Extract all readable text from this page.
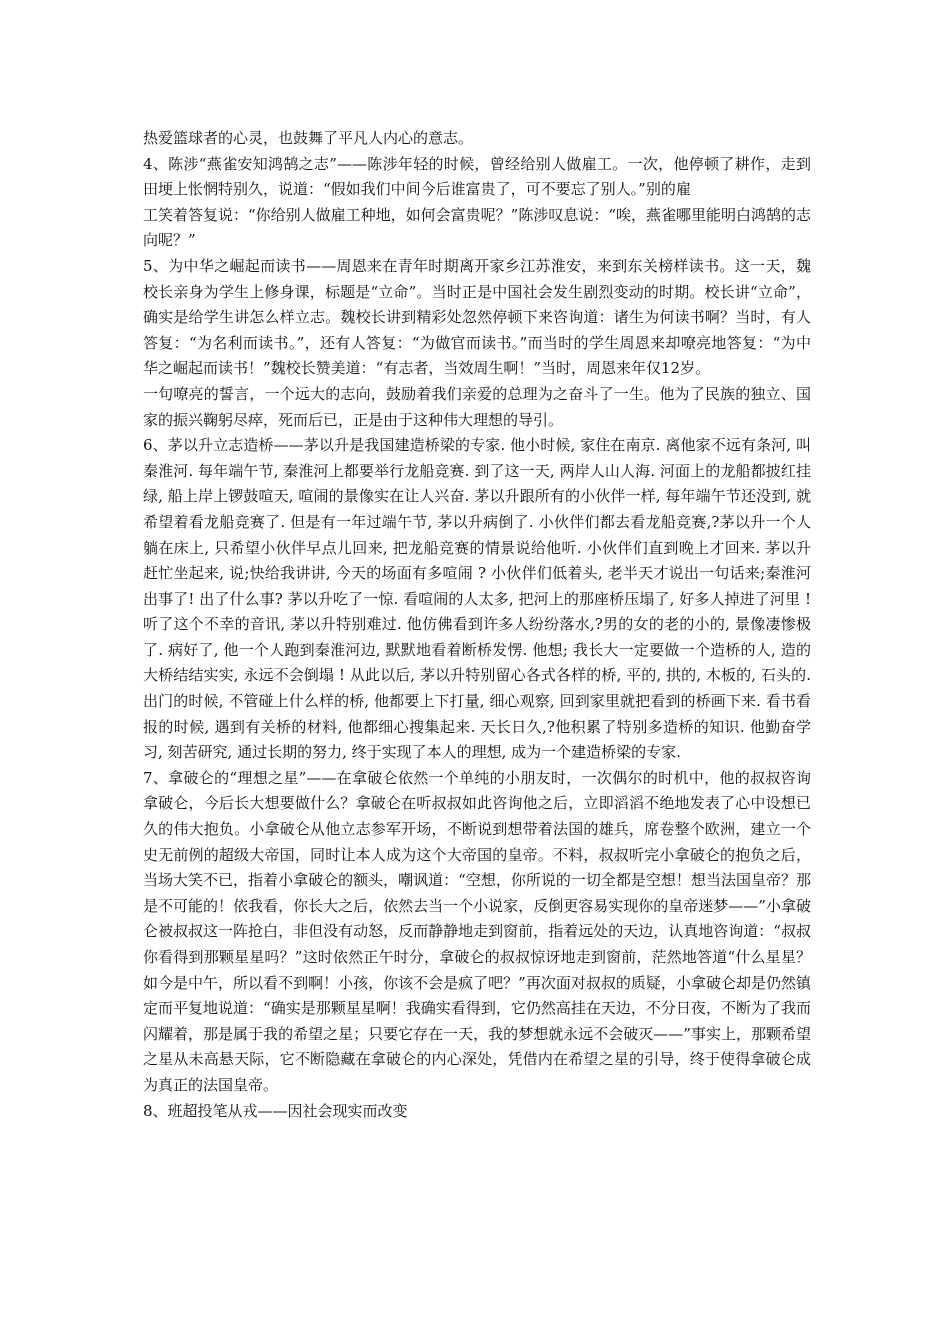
热爱篮球者的心灵，也鼓舞了平凡人内心的意志。

4、陈涉“燕雀安知鸿鹄之志”——陈涉年轻的时候，曾经给别人做雇工。一次，他停顿了耕作，走到田埂上怅惘特别久，说道：“假如我们中间今后谁富贵了，可不要忘了别人。”别的雇

工笑着答复说：“你给别人做雇工种地，如何会富贵呢？”陈涉叹息说：“唉，燕雀哪里能明白鸿鹄的志向呢？”

5、为中华之崛起而读书——周恩来在青年时期离开家乡江苏淮安，来到东关榜样读书。这一天，魏校长亲身为学生上修身课，标题是“立命”。当时正是中国社会发生剧烈变动的时期。校长讲“立命”，确实是给学生讲怎么样立志。魏校长讲到精彩处忽然停顿下来咨询道：诸生为何读书啊？当时，有人答复：“为名利而读书。”，还有人答复：“为做官而读书。”而当时的学生周恩来却嘹亮地答复：“为中华之崛起而读书！”魏校长赞美道：“有志者，当效周生啊！”当时，周恩来年仅12岁。

一句嘹亮的誓言，一个远大的志向，鼓励着我们亲爱的总理为之奋斗了一生。他为了民族的独立、国家的振兴鞠躬尽瘁，死而后已，正是由于这种伟大理想的导引。

6、茅以升立志造桥——茅以升是我国建造桥梁的专家. 他小时候, 家住在南京. 离他家不远有条河, 叫秦淮河. 每年端午节, 秦淮河上都要举行龙船竞赛. 到了这一天, 两岸人山人海. 河面上的龙船都披红挂绿, 船上岸上锣鼓喧天, 喧闹的景像实在让人兴奋. 茅以升跟所有的小伙伴一样, 每年端午节还没到, 就希望着看龙船竞赛了. 但是有一年过端午节, 茅以升病倒了. 小伙伴们都去看龙船竞赛,?茅以升一个人躺在床上, 只希望小伙伴早点儿回来, 把龙船竞赛的情景说给他听. 小伙伴们直到晚上才回来. 茅以升赶忙坐起来, 说;快给我讲讲, 今天的场面有多喧闹 ? 小伙伴们低着头, 老半天才说出一句话来;秦淮河出事了! 出了什么事? 茅以升吃了一惊. 看喧闹的人太多, 把河上的那座桥压塌了, 好多人掉进了河里 ! 听了这个不幸的音讯, 茅以升特别难过. 他仿佛看到许多人纷纷落水,?男的女的老的小的, 景像凄惨极了. 病好了, 他一个人跑到秦淮河边, 默默地看着断桥发愣. 他想; 我长大一定要做一个造桥的人, 造的大桥结结实实, 永远不会倒塌 ! 从此以后, 茅以升特别留心各式各样的桥, 平的, 拱的, 木板的, 石头的. 出门的时候, 不管碰上什么样的桥, 他都要上下打量, 细心观察, 回到家里就把看到的桥画下来. 看书看报的时候, 遇到有关桥的材料, 他都细心搜集起来. 天长日久,?他积累了特别多造桥的知识. 他勤奋学习, 刻苦研究, 通过长期的努力, 终于实现了本人的理想, 成为一个建造桥梁的专家.

7、拿破仑的“理想之星”——在拿破仑依然一个单纯的小朋友时，一次偶尔的时机中，他的叔叔咨询拿破仑，今后长大想要做什么？拿破仑在听叔叔如此咨询他之后，立即滔滔不绝地发表了心中设想已久的伟大抱负。小拿破仑从他立志参军开场，不断说到想带着法国的雄兵，席卷整个欧洲，建立一个史无前例的超级大帝国，同时让本人成为这个大帝国的皇帝。不料，叔叔听完小拿破仑的抱负之后，当场大笑不已，指着小拿破仑的额头，嘲讽道：“空想，你所说的一切全都是空想！想当法国皇帝？那是不可能的！依我看，你长大之后，依然去当一个小说家，反倒更容易实现你的皇帝迷梦——”小拿破仑被叔叔这一阵抢白，非但没有动怒，反而静静地走到窗前，指着远处的天边，认真地咨询道：“叔叔你看得到那颗星星吗？”这时依然正午时分，拿破仑的叔叔惊讶地走到窗前，茫然地答道“什么星星？如今是中午，所以看不到啊！小孩，你该不会是疯了吧？”再次面对叔叔的质疑，小拿破仑却是仍然镇定而平复地说道：“确实是那颗星星啊！我确实看得到，它仍然高挂在天边，不分日夜，不断为了我而闪耀着，那是属于我的希望之星；只要它存在一天，我的梦想就永远不会破灭——”事实上，那颗希望之星从未高悬天际，它不断隐藏在拿破仑的内心深处，凭借内在希望之星的引导，终于使得拿破仑成为真正的法国皇帝。

8、班超投笔从戎——因社会现实而改变
